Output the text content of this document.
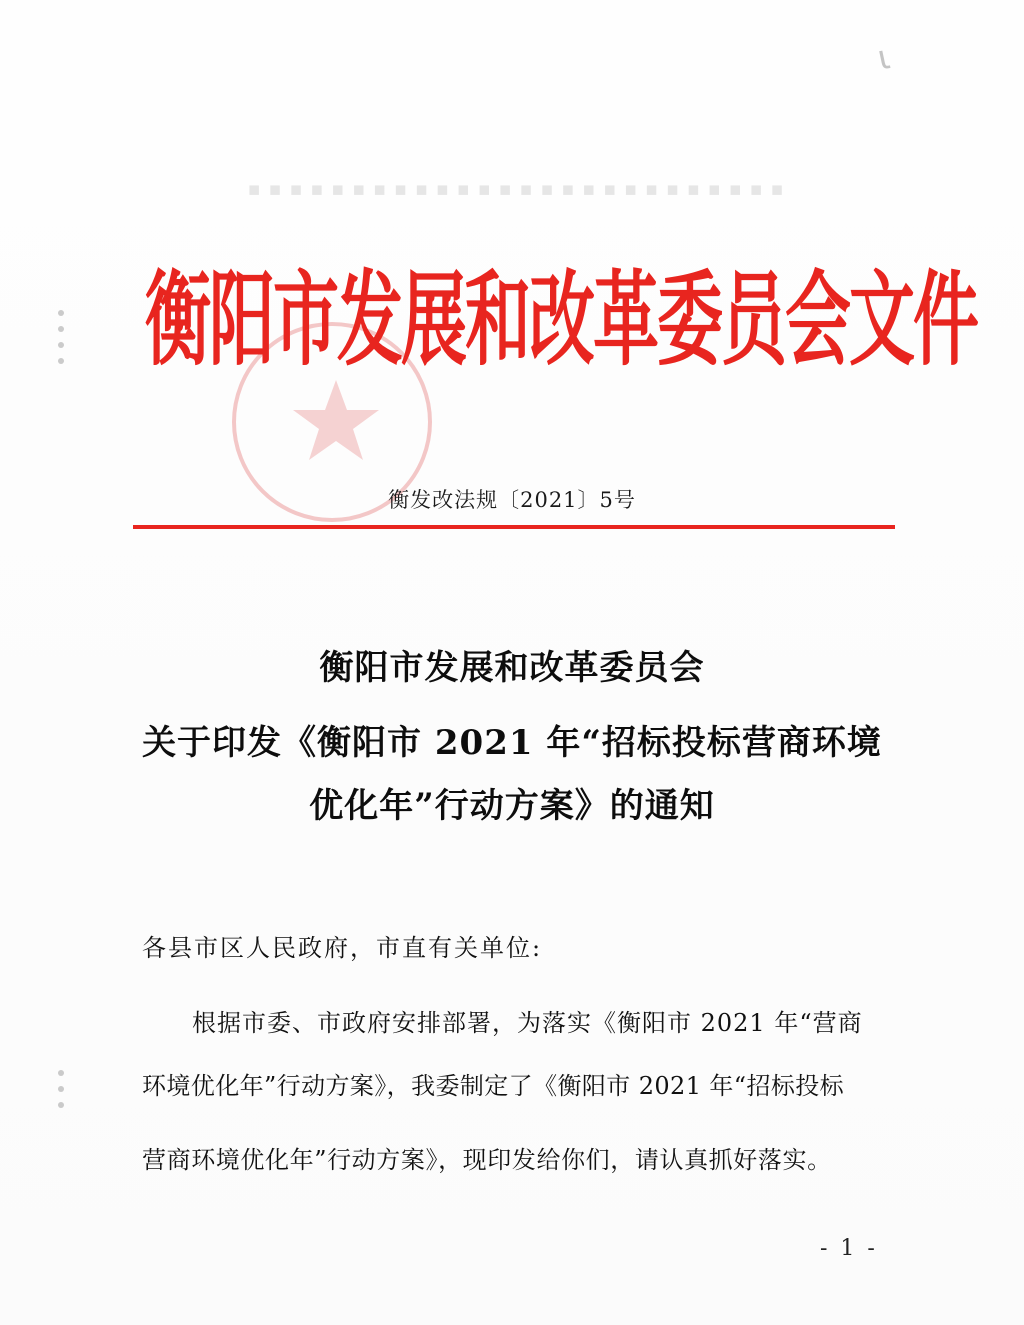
▪ ▪ ▪ ▪ ▪ ▪ ▪ ▪ ▪ ▪ ▪ ▪ ▪ ▪ ▪ ▪ ▪ ▪ ▪ ▪ ▪ ▪ ▪ ▪ ▪ ▪
ɩ
衡阳市发展和改革委员会文件
衡发改法规〔2021〕5号
衡阳市发展和改革委员会
关于印发《衡阳市 2021 年“招标投标营商环境
优化年”行动方案》的通知
各县市区人民政府，市直有关单位:
根据市委、市政府安排部署，为落实《衡阳市 2021 年“营商
环境优化年”行动方案》，我委制定了《衡阳市 2021 年“招标投标
营商环境优化年”行动方案》，现印发给你们，请认真抓好落实。
- 1 -
